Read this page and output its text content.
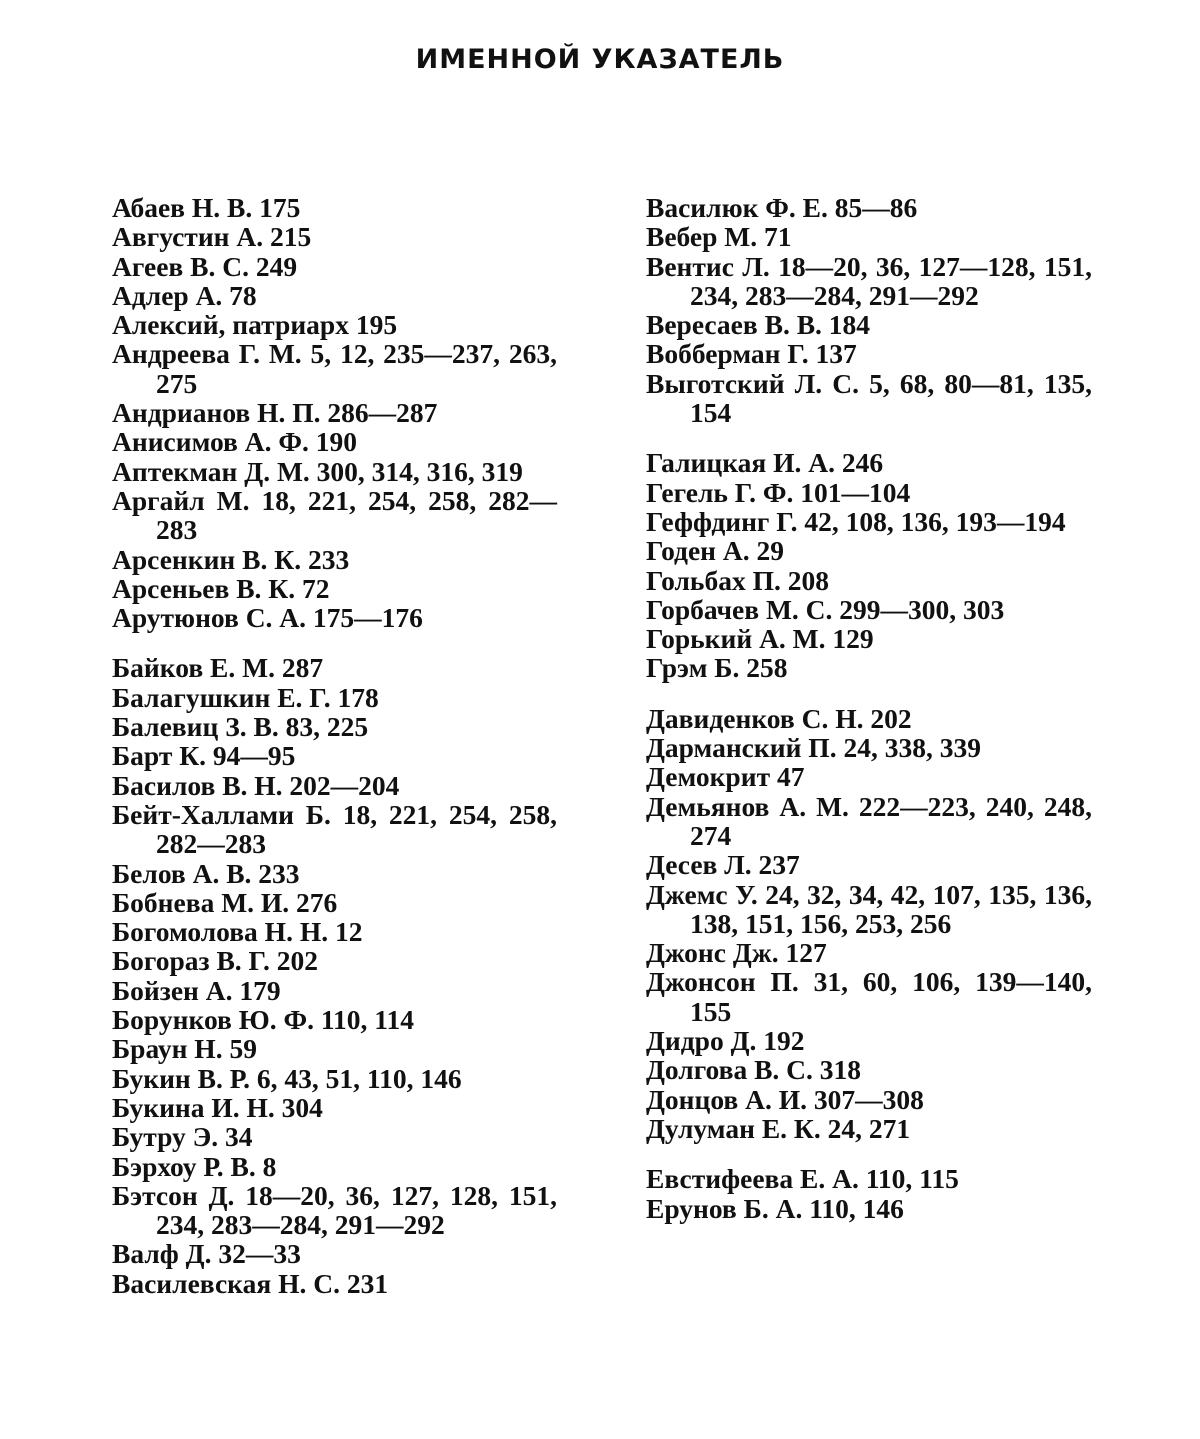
ИМЕННОЙ УКАЗАТЕЛЬ
Абаев Н. В. 175
Августин А. 215
Агеев В. С. 249
Адлер А. 78
Алексий, патриарх 195
Андреева Г. М. 5, 12, 235—237, 263, 275
Андрианов Н. П. 286—287
Анисимов А. Ф. 190
Аптекман Д. М. 300, 314, 316, 319
Аргайл М. 18, 221, 254, 258, 282—283
Арсенкин В. К. 233
Арсеньев В. К. 72
Арутюнов С. А. 175—176
Байков Е. М. 287
Балагушкин Е. Г. 178
Балевиц З. В. 83, 225
Барт К. 94—95
Басилов В. Н. 202—204
Бейт-Халлами Б. 18, 221, 254, 258, 282—283
Белов А. В. 233
Бобнева М. И. 276
Богомолова Н. Н. 12
Богораз В. Г. 202
Бойзен А. 179
Борунков Ю. Ф. 110, 114
Браун Н. 59
Букин В. Р. 6, 43, 51, 110, 146
Букина И. Н. 304
Бутру Э. 34
Бэрхоу Р. В. 8
Бэтсон Д. 18—20, 36, 127, 128, 151, 234, 283—284, 291—292
Валф Д. 32—33
Василевская Н. С. 231
Василюк Ф. Е. 85—86
Вебер М. 71
Вентис Л. 18—20, 36, 127—128, 151, 234, 283—284, 291—292
Вересаев В. В. 184
Вобберман Г. 137
Выготский Л. С. 5, 68, 80—81, 135, 154
Галицкая И. А. 246
Гегель Г. Ф. 101—104
Геффдинг Г. 42, 108, 136, 193—194
Годен А. 29
Гольбах П. 208
Горбачев М. С. 299—300, 303
Горький А. М. 129
Грэм Б. 258
Давиденков С. Н. 202
Дарманский П. 24, 338, 339
Демокрит 47
Демьянов А. М. 222—223, 240, 248, 274
Десев Л. 237
Джемс У. 24, 32, 34, 42, 107, 135, 136, 138, 151, 156, 253, 256
Джонс Дж. 127
Джонсон П. 31, 60, 106, 139—140, 155
Дидро Д. 192
Долгова В. С. 318
Донцов А. И. 307—308
Дулуман Е. К. 24, 271
Евстифеева Е. А. 110, 115
Ерунов Б. А. 110, 146
